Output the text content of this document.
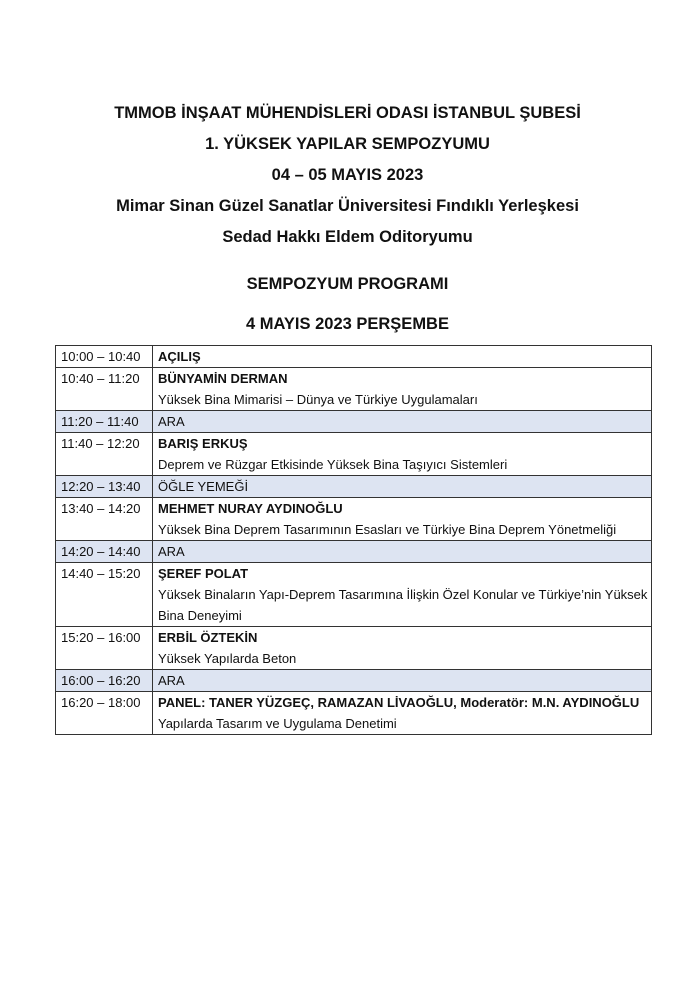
TMMOB İNŞAAT MÜHENDİSLERİ ODASI İSTANBUL ŞUBESİ
1. YÜKSEK YAPILAR SEMPOZYUMU
04 – 05 MAYIS 2023
Mimar Sinan Güzel Sanatlar Üniversitesi Fındıklı Yerleşkesi
Sedad Hakkı Eldem Oditoryumu
SEMPOZYUM PROGRAMI
4 MAYIS 2023 PERŞEMBE
10:00 – 10:40	AÇILIŞ
10:40 – 11:20	BÜNYAMİN DERMAN
Yüksek Bina Mimarisi – Dünya ve Türkiye Uygulamaları

11:20 – 11:40	ARA
11:40 – 12:20	BARIŞ ERKUŞ
Deprem ve Rüzgar Etkisinde Yüksek Bina Taşıyıcı Sistemleri

12:20 – 13:40	ÖĞLE YEMEĞİ
13:40 – 14:20	MEHMET NURAY AYDINOĞLU
Yüksek Bina Deprem Tasarımının Esasları ve Türkiye Bina Deprem Yönetmeliği

14:20 – 14:40	ARA
14:40 – 15:20	ŞEREF POLAT
Yüksek Binaların Yapı-Deprem Tasarımına İlişkin Özel Konular ve Türkiye’nin Yüksek Bina Deneyimi

15:20 – 16:00	ERBİL ÖZTEKİN
Yüksek Yapılarda Beton

16:00 – 16:20	ARA
16:20 – 18:00	PANEL: TANER YÜZGEÇ, RAMAZAN LİVAOĞLU, Moderatör: M.N. AYDINOĞLU
Yapılarda Tasarım ve Uygulama Denetimi
